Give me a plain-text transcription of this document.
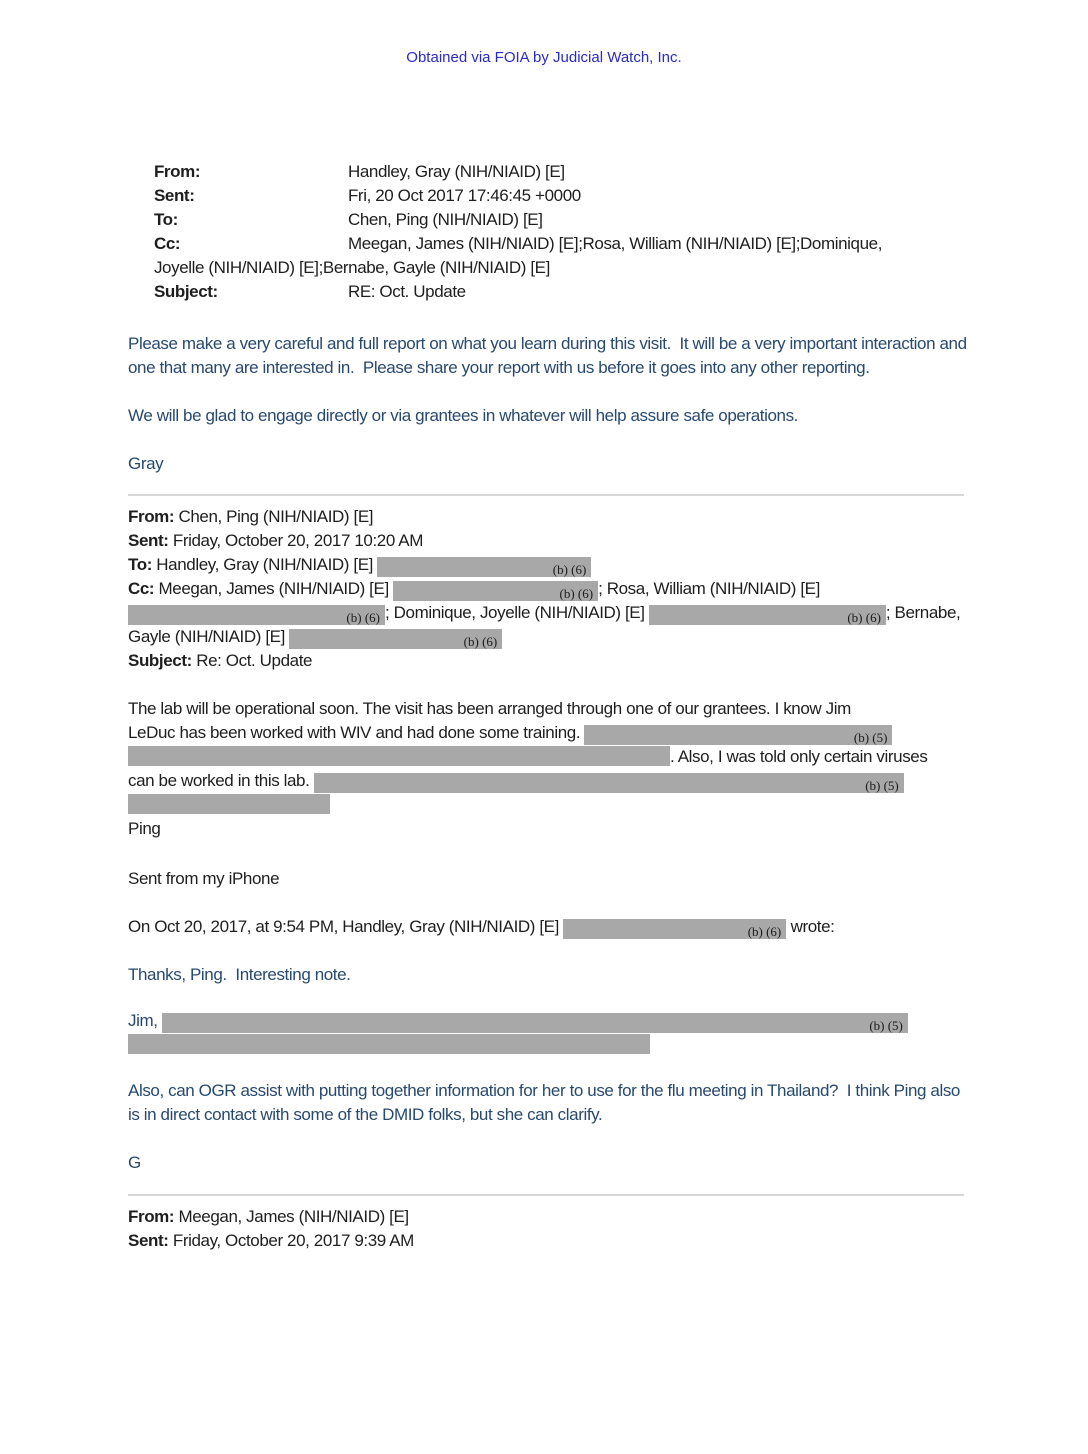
Obtained via FOIA by Judicial Watch, Inc.

From:	Handley, Gray (NIH/NIAID) [E]

Sent:	Fri, 20 Oct 2017 17:46:45 +0000

To:	Chen, Ping (NIH/NIAID) [E]

Cc:	Meegan, James (NIH/NIAID) [E];Rosa, William (NIH/NIAID) [E];Dominique,

Joyelle (NIH/NIAID) [E];Bernabe, Gayle (NIH/NIAID) [E]

Subject:	RE: Oct. Update

Please make a very careful and full report on what you learn during this visit.  It will be a very important interaction and one that many are interested in.  Please share your report with us before it goes into any other reporting.

We will be glad to engage directly or via grantees in whatever will help assure safe operations.

Gray

From: Chen, Ping (NIH/NIAID) [E]
Sent: Friday, October 20, 2017 10:20 AM
To: Handley, Gray (NIH/NIAID) [E]	(b) (6)
Cc: Meegan, James (NIH/NIAID) [E]	(b) (6) ; Rosa, William (NIH/NIAID) [E]
(b) (6) ; Dominique, Joyelle (NIH/NIAID) [E]	(b) (6) ; Bernabe,
Gayle (NIH/NIAID) [E]	(b) (6)
Subject: Re: Oct. Update
The lab will be operational soon. The visit has been arranged through one of our grantees. I know Jim
LeDuc has been worked with WIV and had done some training.	(b) (5)
. Also, I was told only certain viruses
can be worked in this lab.	(b) (5)
Ping
Sent from my iPhone
On Oct 20, 2017, at 9:54 PM, Handley, Gray (NIH/NIAID) [E]	(b) (6) wrote:

Thanks, Ping.  Interesting note.

Jim,	(b) (5)

Also, can OGR assist with putting together information for her to use for the flu meeting in Thailand?  I think Ping also is in direct contact with some of the DMID folks, but she can clarify.

G

From: Meegan, James (NIH/NIAID) [E]
Sent: Friday, October 20, 2017 9:39 AM
